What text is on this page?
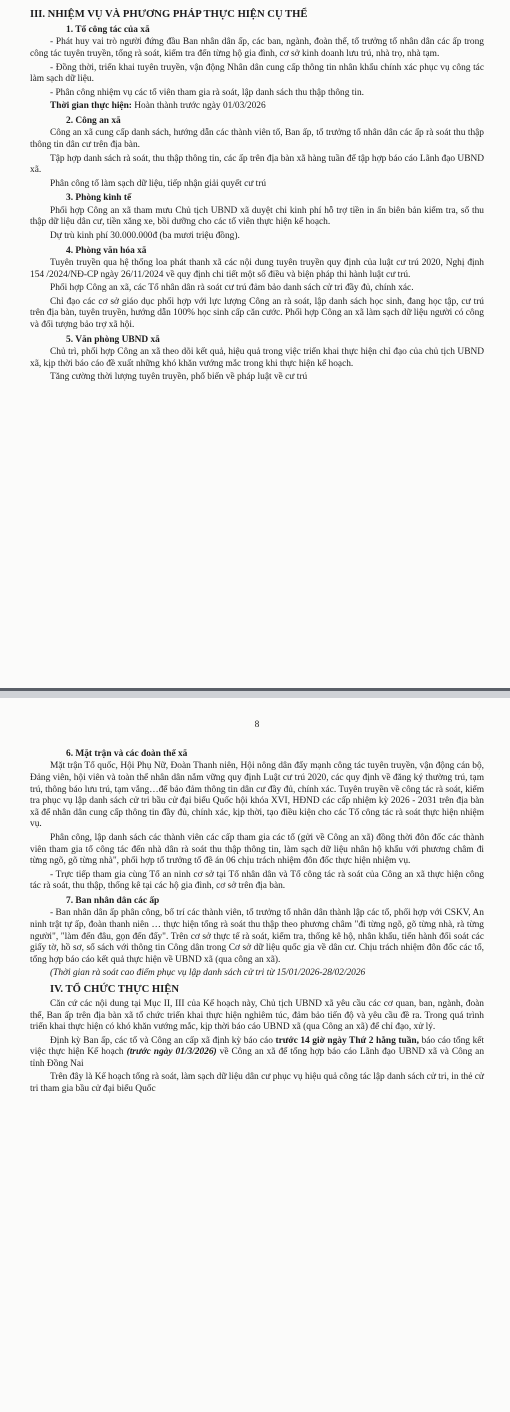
III. NHIỆM VỤ VÀ PHƯƠNG PHÁP THỰC HIỆN CỤ THỂ
1. Tổ công tác của xã
- Phát huy vai trò người đứng đầu Ban nhân dân ấp, các ban, ngành, đoàn thể, tổ trưởng tổ nhân dân các ấp trong công tác tuyên truyền, tổng rà soát, kiểm tra đến từng hộ gia đình, cơ sở kinh doanh lưu trú, nhà trọ, nhà tạm.
- Đồng thời, triển khai tuyên truyền, vận động Nhân dân cung cấp thông tin nhân khẩu chính xác phục vụ công tác làm sạch dữ liệu.
- Phân công nhiệm vụ các tổ viên tham gia rà soát, lập danh sách thu thập thông tin.
Thời gian thực hiện: Hoàn thành trước ngày 01/03/2026
2. Công an xã
Công an xã cung cấp danh sách, hướng dẫn các thành viên tổ, Ban ấp, tổ trưởng tổ nhân dân các ấp rà soát thu thập thông tin dân cư trên địa bàn.
Tập hợp danh sách rà soát, thu thập thông tin, các ấp trên địa bàn xã hàng tuần để tập hợp báo cáo Lãnh đạo UBND xã.
Phân công tổ làm sạch dữ liệu, tiếp nhận giải quyết cư trú
3. Phòng kinh tế
Phối hợp Công an xã tham mưu Chủ tịch UBND xã duyệt chi kinh phí hỗ trợ tiền in ấn biên bản kiểm tra, sổ thu thập dữ liệu dân cư, tiền xăng xe, bồi dưỡng cho các tổ viên thực hiện kế hoạch.
Dự trù kinh phí 30.000.000đ (ba mươi triệu đồng).
4. Phòng văn hóa xã
Tuyên truyền qua hệ thống loa phát thanh xã các nội dung tuyên truyền quy định của luật cư trú 2020, Nghị định 154 /2024/NĐ-CP ngày 26/11/2024 về quy định chi tiết một số điều và biện pháp thi hành luật cư trú.
Phối hợp Công an xã, các Tổ nhân dân rà soát cư trú đảm bảo danh sách cử tri đầy đủ, chính xác.
Chỉ đạo các cơ sở giáo dục phối hợp với lực lượng Công an rà soát, lập danh sách học sinh, đang học tập, cư trú trên địa bàn, tuyên truyền, hướng dẫn 100% học sinh cấp căn cước. Phối hợp Công an xã làm sạch dữ liệu người có công và đối tượng bảo trợ xã hội.
5. Văn phòng UBND xã
Chủ trì, phối hợp Công an xã theo dõi kết quả, hiệu quả trong việc triển khai thực hiện chỉ đạo của chủ tịch UBND xã, kịp thời báo cáo đề xuất những khó khăn vướng mắc trong khi thực hiện kế hoạch.
Tăng cường thời lượng tuyên truyền, phổ biến về pháp luật về cư trú
8
6. Mặt trận và các đoàn thể xã
Mặt trận Tổ quốc, Hội Phụ Nữ, Đoàn Thanh niên, Hội nông dân đẩy mạnh công tác tuyên truyền, vận động cán bộ, Đảng viên, hội viên và toàn thể nhân dân nắm vững quy định Luật cư trú 2020, các quy định về đăng ký thường trú, tạm trú, thông báo lưu trú, tạm vắng…để bảo đảm thông tin dân cư đầy đủ, chính xác. Tuyên truyền về công tác rà soát, kiểm tra phục vụ lập danh sách cử tri bầu cử đại biểu Quốc hội khóa XVI, HĐND các cấp nhiệm kỳ 2026 - 2031 trên địa bàn xã để nhân dân cung cấp thông tin đầy đủ, chính xác, kịp thời, tạo điều kiện cho các Tổ công tác rà soát thực hiện nhiệm vụ.
Phân công, lập danh sách các thành viên các cấp tham gia các tổ (gửi về Công an xã) đồng thời đôn đốc các thành viên tham gia tổ công tác đến nhà dân rà soát thu thập thông tin, làm sạch dữ liệu nhân hộ khẩu với phương châm đi từng ngõ, gõ từng nhà", phối hợp tổ trưởng tổ đề án 06 chịu trách nhiệm đôn đốc thực hiện nhiệm vụ.
- Trực tiếp tham gia cùng Tổ an ninh cơ sở tại Tổ nhân dân và Tổ công tác rà soát của Công an xã thực hiện công tác rà soát, thu thập, thống kê tại các hộ gia đình, cơ sở trên địa bàn.
7. Ban nhân dân các ấp
- Ban nhân dân ấp phân công, bố trí các thành viên, tổ trưởng tổ nhân dân thành lập các tổ, phối hợp với CSKV, An ninh trật tự ấp, đoàn thanh niên … thực hiện tổng rà soát thu thập theo phương châm "đi từng ngõ, gõ từng nhà, rà từng người", "làm đến đâu, gọn đến đấy". Trên cơ sở thực tế rà soát, kiểm tra, thống kê hộ, nhân khẩu, tiến hành đối soát các giấy tờ, hồ sơ, sổ sách với thông tin Công dân trong Cơ sở dữ liệu quốc gia về dân cư. Chịu trách nhiệm đôn đốc các tổ, tổng hợp báo cáo kết quả thực hiện về UBND xã (qua công an xã).
(Thời gian rà soát cao điểm phục vụ lập danh sách cử tri từ 15/01/2026-28/02/2026
IV. TỔ CHỨC THỰC HIỆN
Căn cứ các nội dung tại Mục II, III của Kế hoạch này, Chủ tịch UBND xã yêu cầu các cơ quan, ban, ngành, đoàn thể, Ban ấp trên địa bàn xã tổ chức triển khai thực hiện nghiêm túc, đảm bảo tiến độ và yêu cầu đề ra. Trong quá trình triển khai thực hiện có khó khăn vướng mắc, kịp thời báo cáo UBND xã (qua Công an xã) để chỉ đạo, xử lý.
Định kỳ Ban ấp, các tổ và Công an cấp xã định kỳ báo cáo trước 14 giờ ngày Thứ 2 hằng tuần, báo cáo tổng kết việc thực hiện Kế hoạch (trước ngày 01/3/2026) về Công an xã để tổng hợp báo cáo Lãnh đạo UBND xã và Công an tỉnh Đồng Nai
Trên đây là Kế hoạch tổng rà soát, làm sạch dữ liệu dân cư phục vụ hiệu quả công tác lập danh sách cử tri, in thẻ cử tri tham gia bầu cử đại biểu Quốc
